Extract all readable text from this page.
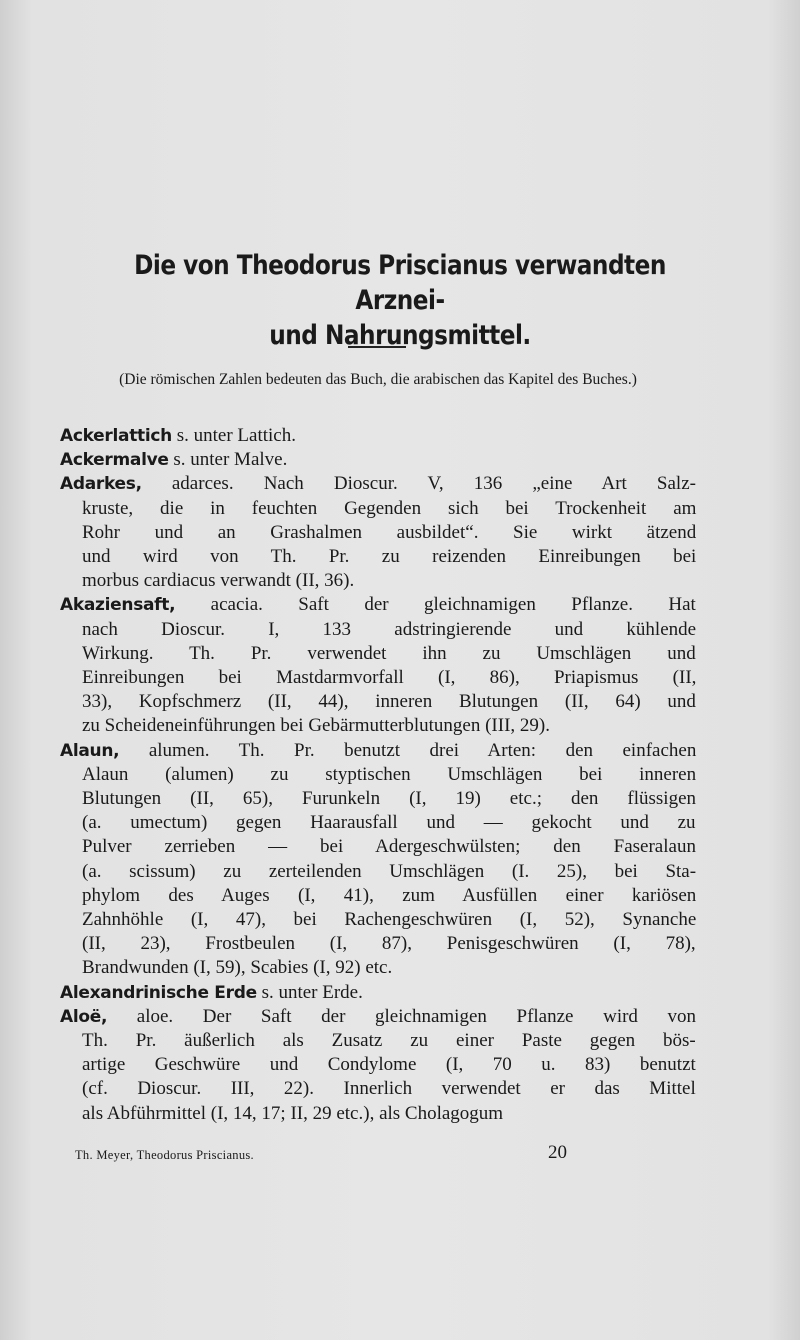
Die von Theodorus Priscianus verwandten Arznei-
und Nahrungsmittel.
(Die römischen Zahlen bedeuten das Buch, die arabischen das Kapitel des Buches.)
Ackerlattich s. unter Lattich.
Ackermalve s. unter Malve.
Adarkes, adarces. Nach Dioscur. V, 136 „eine Art Salz-
kruste, die in feuchten Gegenden sich bei Trockenheit am
Rohr und an Grashalmen ausbildet“. Sie wirkt ätzend
und wird von Th. Pr. zu reizenden Einreibungen bei
morbus cardiacus verwandt (II, 36).
Akaziensaft, acacia. Saft der gleichnamigen Pflanze. Hat
nach Dioscur. I, 133 adstringierende und kühlende
Wirkung. Th. Pr. verwendet ihn zu Umschlägen und
Einreibungen bei Mastdarmvorfall (I, 86), Priapismus (II,
33), Kopfschmerz (II, 44), inneren Blutungen (II, 64) und
zu Scheideneinführungen bei Gebärmutterblutungen (III, 29).
Alaun, alumen. Th. Pr. benutzt drei Arten: den einfachen
Alaun (alumen) zu styptischen Umschlägen bei inneren
Blutungen (II, 65), Furunkeln (I, 19) etc.; den flüssigen
(a. umectum) gegen Haarausfall und — gekocht und zu
Pulver zerrieben — bei Adergeschwülsten; den Faseralaun
(a. scissum) zu zerteilenden Umschlägen (I. 25), bei Sta-
phylom des Auges (I, 41), zum Ausfüllen einer kariösen
Zahnhöhle (I, 47), bei Rachengeschwüren (I, 52), Synanche
(II, 23), Frostbeulen (I, 87), Penisgeschwüren (I, 78),
Brandwunden (I, 59), Scabies (I, 92) etc.
Alexandrinische Erde s. unter Erde.
Aloë, aloe. Der Saft der gleichnamigen Pflanze wird von
Th. Pr. äußerlich als Zusatz zu einer Paste gegen bös-
artige Geschwüre und Condylome (I, 70 u. 83) benutzt
(cf. Dioscur. III, 22). Innerlich verwendet er das Mittel
als Abführmittel (I, 14, 17; II, 29 etc.), als Cholagogum
Th. Meyer, Theodorus Priscianus.	20
